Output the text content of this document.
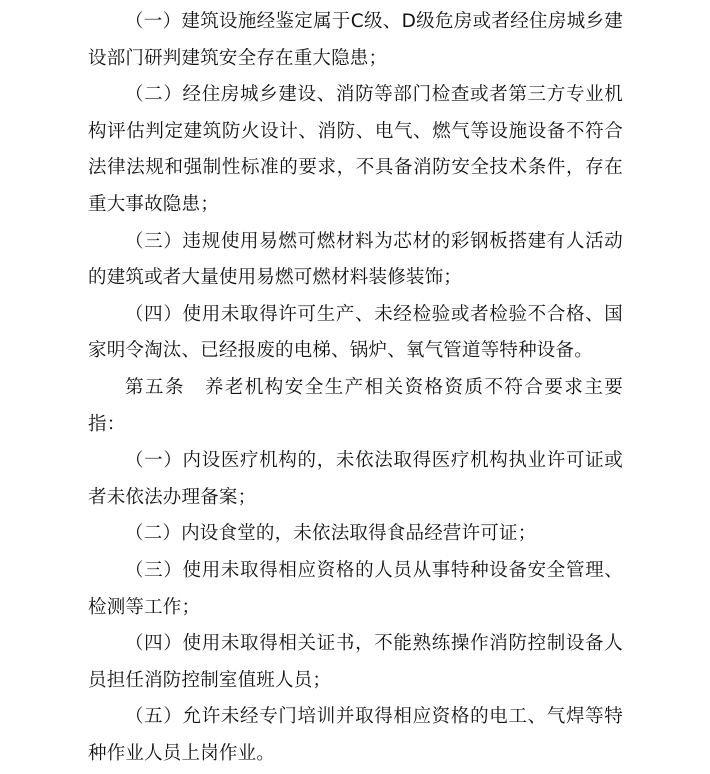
（一）建筑设施经鉴定属于C级、D级危房或者经住房城乡建设部门研判建筑安全存在重大隐患；

（二）经住房城乡建设、消防等部门检查或者第三方专业机构评估判定建筑防火设计、消防、电气、燃气等设施设备不符合法律法规和强制性标准的要求，不具备消防安全技术条件，存在重大事故隐患；

（三）违规使用易燃可燃材料为芯材的彩钢板搭建有人活动的建筑或者大量使用易燃可燃材料装修装饰；

（四）使用未取得许可生产、未经检验或者检验不合格、国家明令淘汰、已经报废的电梯、锅炉、氧气管道等特种设备。

第五条　养老机构安全生产相关资格资质不符合要求主要指：

（一）内设医疗机构的，未依法取得医疗机构执业许可证或者未依法办理备案；

（二）内设食堂的，未依法取得食品经营许可证；

（三）使用未取得相应资格的人员从事特种设备安全管理、检测等工作；

（四）使用未取得相关证书，不能熟练操作消防控制设备人员担任消防控制室值班人员；

（五）允许未经专门培训并取得相应资格的电工、气焊等特种作业人员上岗作业。
